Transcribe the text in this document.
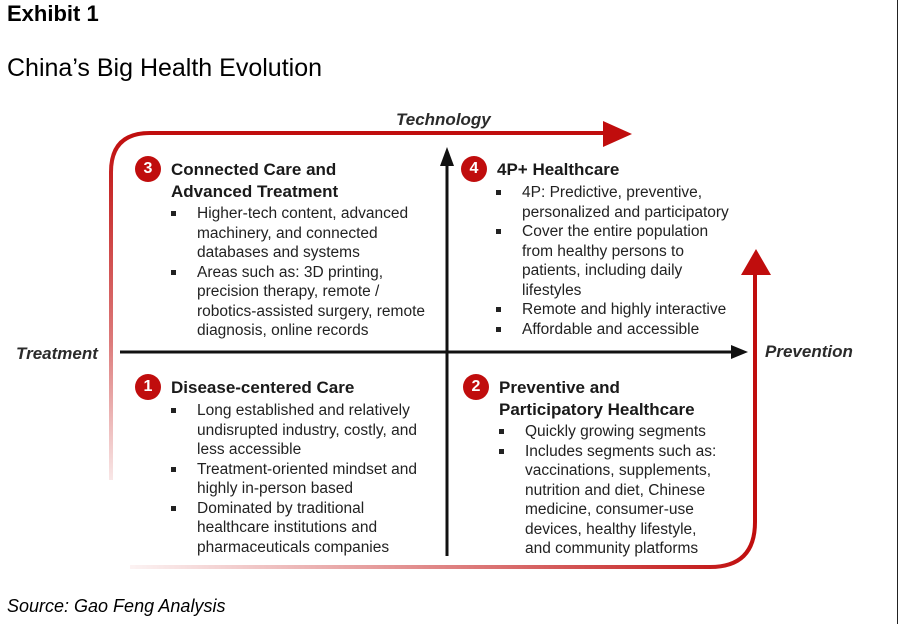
Exhibit 1
China’s Big Health Evolution
Technology
Treatment	Prevention
3	Connected Care and
Advanced Treatment
Higher-tech content, advanced machinery, and connected databases and systems
Areas such as: 3D printing, precision therapy, remote / robotics-assisted surgery, remote diagnosis, online records
4	4P+ Healthcare
4P: Predictive, preventive, personalized and participatory
Cover the entire population from healthy persons to patients, including daily lifestyles
Remote and highly interactive
Affordable and accessible
1	Disease-centered Care
Long established and relatively undisrupted industry, costly, and less accessible
Treatment-oriented mindset and highly in-person based
Dominated by traditional healthcare institutions and pharmaceuticals companies
2	Preventive and
Participatory Healthcare
Quickly growing segments
Includes segments such as: vaccinations, supplements, nutrition and diet, Chinese medicine, consumer-use devices, healthy lifestyle, and community platforms
Source: Gao Feng Analysis
